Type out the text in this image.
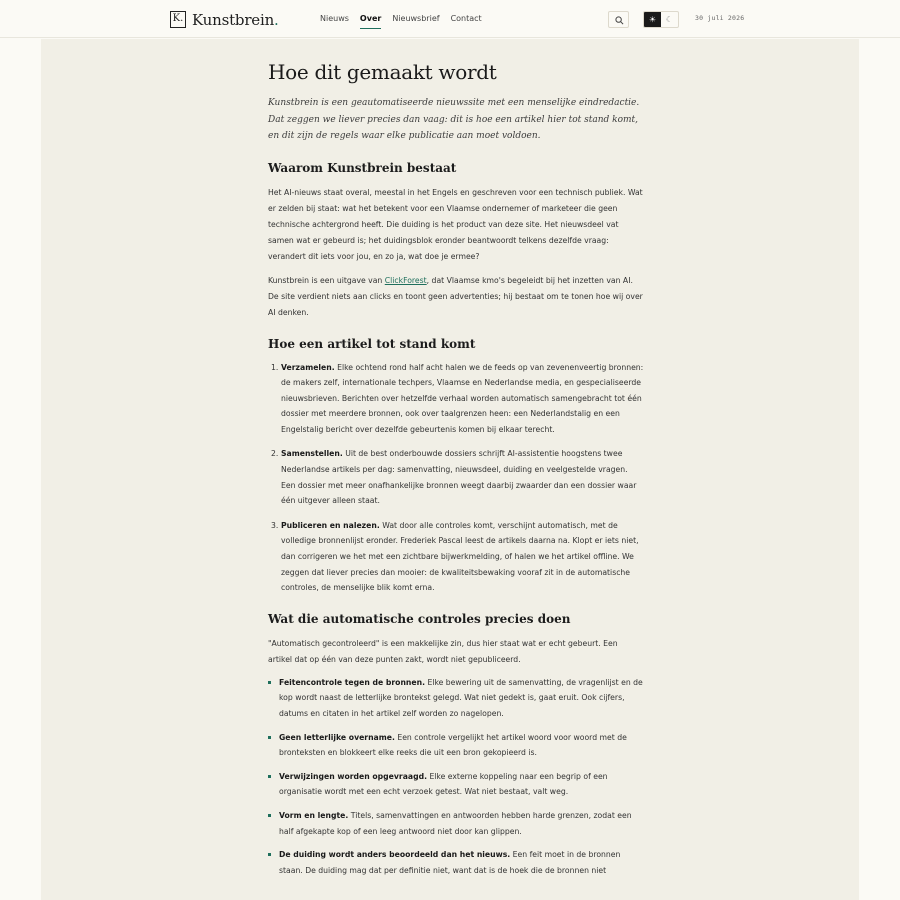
K. Kunstbrein .	Nieuws Over Nieuwsbrief Contact	☀	☾	30 juli 2026
Hoe dit gemaakt wordt

Kunstbrein is een geautomatiseerde nieuwssite met een menselijke eindredactie. Dat zeggen we liever precies dan vaag: dit is hoe een artikel hier tot stand komt, en dit zijn de regels waar elke publicatie aan moet voldoen.

Waarom Kunstbrein bestaat

Het AI-nieuws staat overal, meestal in het Engels en geschreven voor een technisch publiek. Wat er zelden bij staat: wat het betekent voor een Vlaamse ondernemer of marketeer die geen technische achtergrond heeft. Die duiding is het product van deze site. Het nieuwsdeel vat samen wat er gebeurd is; het duidingsblok eronder beantwoordt telkens dezelfde vraag: verandert dit iets voor jou, en zo ja, wat doe je ermee?

Kunstbrein is een uitgave van ClickForest, dat Vlaamse kmo's begeleidt bij het inzetten van AI. De site verdient niets aan clicks en toont geen advertenties; hij bestaat om te tonen hoe wij over AI denken.

Hoe een artikel tot stand komt
1. Verzamelen. Elke ochtend rond half acht halen we de feeds op van zevenenveertig bronnen: de makers zelf, internationale techpers, Vlaamse en Nederlandse media, en gespecialiseerde nieuwsbrieven. Berichten over hetzelfde verhaal worden automatisch samengebracht tot één dossier met meerdere bronnen, ook over taalgrenzen heen: een Nederlandstalig en een Engelstalig bericht over dezelfde gebeurtenis komen bij elkaar terecht.
2. Samenstellen. Uit de best onderbouwde dossiers schrijft AI-assistentie hoogstens twee Nederlandse artikels per dag: samenvatting, nieuwsdeel, duiding en veelgestelde vragen. Een dossier met meer onafhankelijke bronnen weegt daarbij zwaarder dan een dossier waar één uitgever alleen staat.
3. Publiceren en nalezen. Wat door alle controles komt, verschijnt automatisch, met de volledige bronnenlijst eronder. Frederiek Pascal leest de artikels daarna na. Klopt er iets niet, dan corrigeren we het met een zichtbare bijwerkmelding, of halen we het artikel offline. We zeggen dat liever precies dan mooier: de kwaliteitsbewaking vooraf zit in de automatische controles, de menselijke blik komt erna.
Wat die automatische controles precies doen

"Automatisch gecontroleerd" is een makkelijke zin, dus hier staat wat er echt gebeurt. Een artikel dat op één van deze punten zakt, wordt niet gepubliceerd.

Feitencontrole tegen de bronnen. Elke bewering uit de samenvatting, de vragenlijst en de kop wordt naast de letterlijke brontekst gelegd. Wat niet gedekt is, gaat eruit. Ook cijfers, datums en citaten in het artikel zelf worden zo nagelopen.
Geen letterlijke overname. Een controle vergelijkt het artikel woord voor woord met de bronteksten en blokkeert elke reeks die uit een bron gekopieerd is.
Verwijzingen worden opgevraagd. Elke externe koppeling naar een begrip of een organisatie wordt met een echt verzoek getest. Wat niet bestaat, valt weg.
Vorm en lengte. Titels, samenvattingen en antwoorden hebben harde grenzen, zodat een half afgekapte kop of een leeg antwoord niet door kan glippen.
De duiding wordt anders beoordeeld dan het nieuws. Een feit moet in de bronnen staan. De duiding mag dat per definitie niet, want dat is de hoek die de bronnen niet
